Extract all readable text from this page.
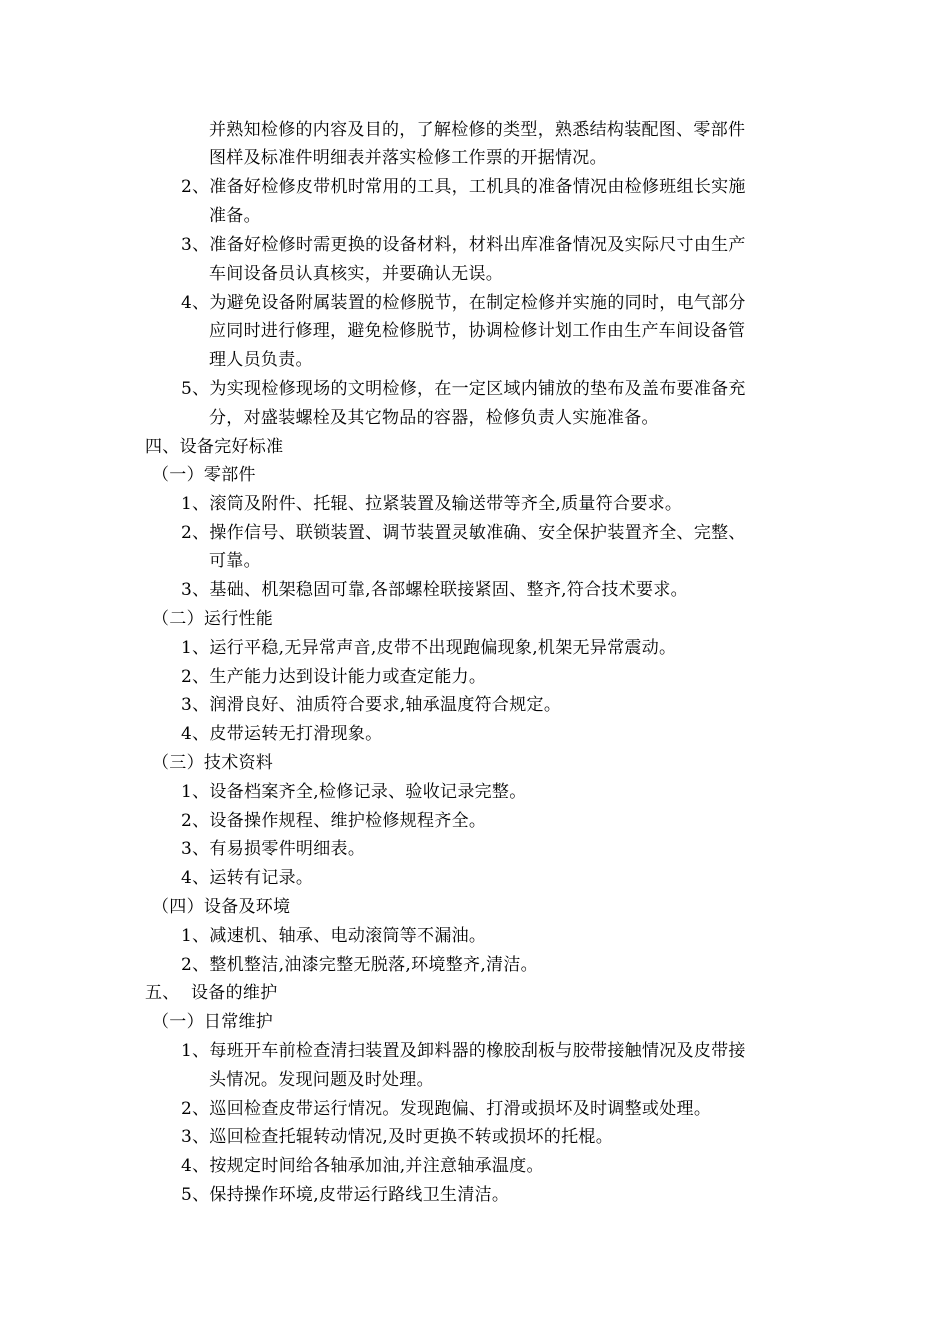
并熟知检修的内容及目的，了解检修的类型，熟悉结构装配图、零部件
图样及标准件明细表并落实检修工作票的开据情况。
2、准备好检修皮带机时常用的工具，工机具的准备情况由检修班组长实施
准备。
3、准备好检修时需更换的设备材料，材料出库准备情况及实际尺寸由生产
车间设备员认真核实，并要确认无误。
4、为避免设备附属装置的检修脱节，在制定检修并实施的同时，电气部分
应同时进行修理，避免检修脱节，协调检修计划工作由生产车间设备管
理人员负责。
5、为实现检修现场的文明检修，在一定区域内铺放的垫布及盖布要准备充
分，对盛装螺栓及其它物品的容器，检修负责人实施准备。
四、设备完好标准
（一）零部件
1、滚筒及附件、托辊、拉紧装置及输送带等齐全,质量符合要求。
2、操作信号、联锁装置、调节装置灵敏准确、安全保护装置齐全、完整、
可靠。
3、基础、机架稳固可靠,各部螺栓联接紧固、整齐,符合技术要求。
（二）运行性能
1、运行平稳,无异常声音,皮带不出现跑偏现象,机架无异常震动。
2、生产能力达到设计能力或查定能力。
3、润滑良好、油质符合要求,轴承温度符合规定。
4、皮带运转无打滑现象。
（三）技术资料
1、设备档案齐全,检修记录、验收记录完整。
2、设备操作规程、维护检修规程齐全。
3、有易损零件明细表。
4、运转有记录。
（四）设备及环境
1、减速机、轴承、电动滚筒等不漏油。
2、整机整洁,油漆完整无脱落,环境整齐,清洁。
五、  设备的维护
（一）日常维护
1、每班开车前检查清扫装置及卸料器的橡胶刮板与胶带接触情况及皮带接
头情况。发现问题及时处理。
2、巡回检查皮带运行情况。发现跑偏、打滑或损坏及时调整或处理。
3、巡回检查托辊转动情况,及时更换不转或损坏的托棍。
4、按规定时间给各轴承加油,并注意轴承温度。
5、保持操作环境,皮带运行路线卫生清洁。
